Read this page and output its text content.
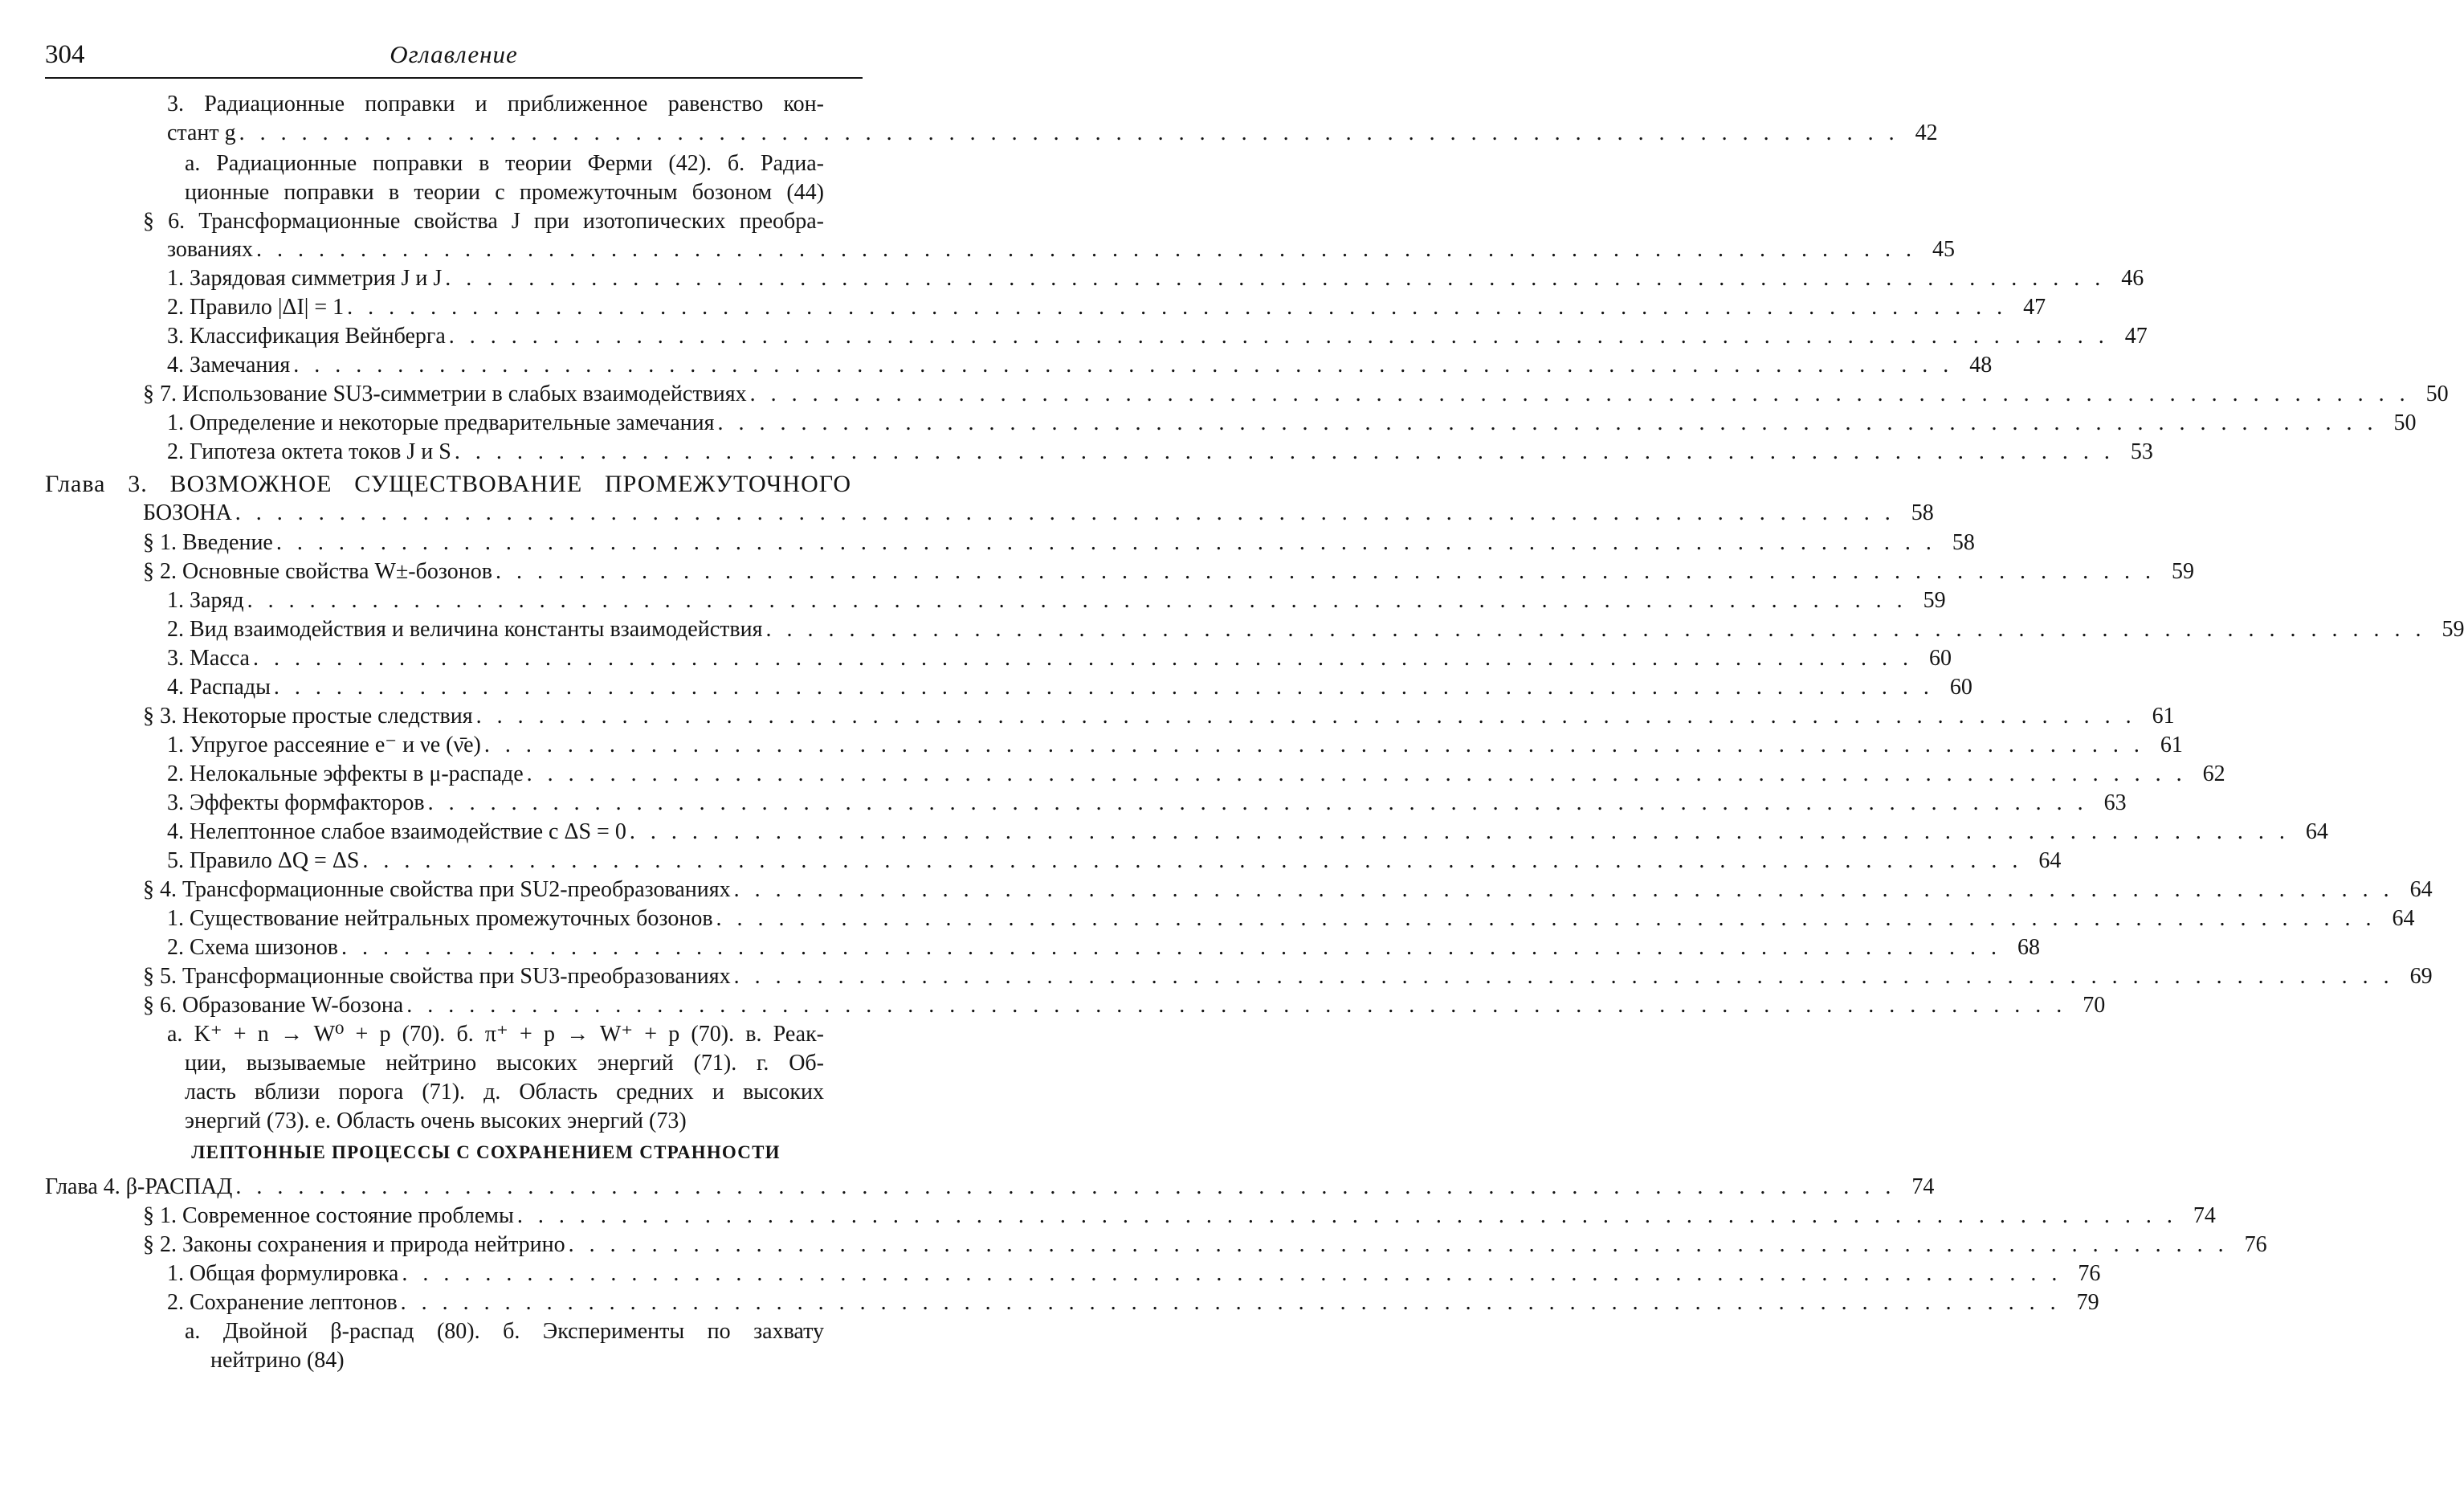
304	Оглавление
3. Радиационные поправки и приближенное равенство кон-
стант g . . . . . . . . . . . . . . . . . . . . . . . . . . . . . . . . . . . . . . . . . . . . . . . . . . . . . . . . . . . . . . . . . . . . . . . . . . . . . . . . 42
а. Радиационные поправки в теории Ферми (42). б. Радиа-
ционные поправки в теории с промежуточным бозоном (44)
§ 6. Трансформационные свойства J при изотопических преобра-
зованиях . . . . . . . . . . . . . . . . . . . . . . . . . . . . . . . . . . . . . . . . . . . . . . . . . . . . . . . . . . . . . . . . . . . . . . . . . . . . . . . . 45
1. Зарядовая симметрия J и J . . . . . . . . . . . . . . . . . . . . . . . . . . . . . . . . . . . . . . . . . . . . . . . . . . . . . . . . . . . . . . . . . . . . . . . . . . . . . . . . 46
2. Правило |ΔI| = 1 . . . . . . . . . . . . . . . . . . . . . . . . . . . . . . . . . . . . . . . . . . . . . . . . . . . . . . . . . . . . . . . . . . . . . . . . . . . . . . . . 47
3. Классификация Вейнберга . . . . . . . . . . . . . . . . . . . . . . . . . . . . . . . . . . . . . . . . . . . . . . . . . . . . . . . . . . . . . . . . . . . . . . . . . . . . . . . . 47
4. Замечания . . . . . . . . . . . . . . . . . . . . . . . . . . . . . . . . . . . . . . . . . . . . . . . . . . . . . . . . . . . . . . . . . . . . . . . . . . . . . . . . 48
§ 7. Использование SU3-симметрии в слабых взаимодействиях . . . . . . . . . . . . . . . . . . . . . . . . . . . . . . . . . . . . . . . . . . . . . . . . . . . . . . . . . . . . . . . . . . . . . . . . . . . . . . . . 50
1. Определение и некоторые предварительные замечания . . . . . . . . . . . . . . . . . . . . . . . . . . . . . . . . . . . . . . . . . . . . . . . . . . . . . . . . . . . . . . . . . . . . . . . . . . . . . . . . 50
2. Гипотеза октета токов J и S . . . . . . . . . . . . . . . . . . . . . . . . . . . . . . . . . . . . . . . . . . . . . . . . . . . . . . . . . . . . . . . . . . . . . . . . . . . . . . . . 53
Глава 3. ВОЗМОЖНОЕ СУЩЕСТВОВАНИЕ ПРОМЕЖУТОЧНОГО
БОЗОНА . . . . . . . . . . . . . . . . . . . . . . . . . . . . . . . . . . . . . . . . . . . . . . . . . . . . . . . . . . . . . . . . . . . . . . . . . . . . . . . . 58
§ 1. Введение . . . . . . . . . . . . . . . . . . . . . . . . . . . . . . . . . . . . . . . . . . . . . . . . . . . . . . . . . . . . . . . . . . . . . . . . . . . . . . . . 58
§ 2. Основные свойства W±-бозонов . . . . . . . . . . . . . . . . . . . . . . . . . . . . . . . . . . . . . . . . . . . . . . . . . . . . . . . . . . . . . . . . . . . . . . . . . . . . . . . . 59
1. Заряд . . . . . . . . . . . . . . . . . . . . . . . . . . . . . . . . . . . . . . . . . . . . . . . . . . . . . . . . . . . . . . . . . . . . . . . . . . . . . . . . 59
2. Вид взаимодействия и величина константы взаимодействия . . . . . . . . . . . . . . . . . . . . . . . . . . . . . . . . . . . . . . . . . . . . . . . . . . . . . . . . . . . . . . . . . . . . . . . . . . . . . . . . 59
3. Масса . . . . . . . . . . . . . . . . . . . . . . . . . . . . . . . . . . . . . . . . . . . . . . . . . . . . . . . . . . . . . . . . . . . . . . . . . . . . . . . . 60
4. Распады . . . . . . . . . . . . . . . . . . . . . . . . . . . . . . . . . . . . . . . . . . . . . . . . . . . . . . . . . . . . . . . . . . . . . . . . . . . . . . . . 60
§ 3. Некоторые простые следствия . . . . . . . . . . . . . . . . . . . . . . . . . . . . . . . . . . . . . . . . . . . . . . . . . . . . . . . . . . . . . . . . . . . . . . . . . . . . . . . . 61
1. Упругое рассеяние e⁻ и νe (ν̄e) . . . . . . . . . . . . . . . . . . . . . . . . . . . . . . . . . . . . . . . . . . . . . . . . . . . . . . . . . . . . . . . . . . . . . . . . . . . . . . . . 61
2. Нелокальные эффекты в μ-распаде . . . . . . . . . . . . . . . . . . . . . . . . . . . . . . . . . . . . . . . . . . . . . . . . . . . . . . . . . . . . . . . . . . . . . . . . . . . . . . . . 62
3. Эффекты формфакторов . . . . . . . . . . . . . . . . . . . . . . . . . . . . . . . . . . . . . . . . . . . . . . . . . . . . . . . . . . . . . . . . . . . . . . . . . . . . . . . . 63
4. Нелептонное слабое взаимодействие с ΔS = 0 . . . . . . . . . . . . . . . . . . . . . . . . . . . . . . . . . . . . . . . . . . . . . . . . . . . . . . . . . . . . . . . . . . . . . . . . . . . . . . . . 64
5. Правило ΔQ = ΔS . . . . . . . . . . . . . . . . . . . . . . . . . . . . . . . . . . . . . . . . . . . . . . . . . . . . . . . . . . . . . . . . . . . . . . . . . . . . . . . . 64
§ 4. Трансформационные свойства при SU2-преобразованиях . . . . . . . . . . . . . . . . . . . . . . . . . . . . . . . . . . . . . . . . . . . . . . . . . . . . . . . . . . . . . . . . . . . . . . . . . . . . . . . . 64
1. Существование нейтральных промежуточных бозонов . . . . . . . . . . . . . . . . . . . . . . . . . . . . . . . . . . . . . . . . . . . . . . . . . . . . . . . . . . . . . . . . . . . . . . . . . . . . . . . . 64
2. Схема шизонов . . . . . . . . . . . . . . . . . . . . . . . . . . . . . . . . . . . . . . . . . . . . . . . . . . . . . . . . . . . . . . . . . . . . . . . . . . . . . . . . 68
§ 5. Трансформационные свойства при SU3-преобразованиях . . . . . . . . . . . . . . . . . . . . . . . . . . . . . . . . . . . . . . . . . . . . . . . . . . . . . . . . . . . . . . . . . . . . . . . . . . . . . . . . 69
§ 6. Образование W-бозона . . . . . . . . . . . . . . . . . . . . . . . . . . . . . . . . . . . . . . . . . . . . . . . . . . . . . . . . . . . . . . . . . . . . . . . . . . . . . . . . 70
а. K⁺ + n → W⁰ + p (70). б. π⁺ + p → W⁺ + p (70). в. Реак-
ции, вызываемые нейтрино высоких энергий (71). г. Об-
ласть вблизи порога (71). д. Область средних и высоких
энергий (73). е. Область очень высоких энергий (73)
ЛЕПТОННЫЕ ПРОЦЕССЫ С СОХРАНЕНИЕМ СТРАННОСТИ
Глава 4. β-РАСПАД . . . . . . . . . . . . . . . . . . . . . . . . . . . . . . . . . . . . . . . . . . . . . . . . . . . . . . . . . . . . . . . . . . . . . . . . . . . . . . . . 74
§ 1. Современное состояние проблемы . . . . . . . . . . . . . . . . . . . . . . . . . . . . . . . . . . . . . . . . . . . . . . . . . . . . . . . . . . . . . . . . . . . . . . . . . . . . . . . . 74
§ 2. Законы сохранения и природа нейтрино . . . . . . . . . . . . . . . . . . . . . . . . . . . . . . . . . . . . . . . . . . . . . . . . . . . . . . . . . . . . . . . . . . . . . . . . . . . . . . . . 76
1. Общая формулировка . . . . . . . . . . . . . . . . . . . . . . . . . . . . . . . . . . . . . . . . . . . . . . . . . . . . . . . . . . . . . . . . . . . . . . . . . . . . . . . . 76
2. Сохранение лептонов . . . . . . . . . . . . . . . . . . . . . . . . . . . . . . . . . . . . . . . . . . . . . . . . . . . . . . . . . . . . . . . . . . . . . . . . . . . . . . . . 79
а. Двойной β-распад (80). б. Эксперименты по захвату
нейтрино (84)
